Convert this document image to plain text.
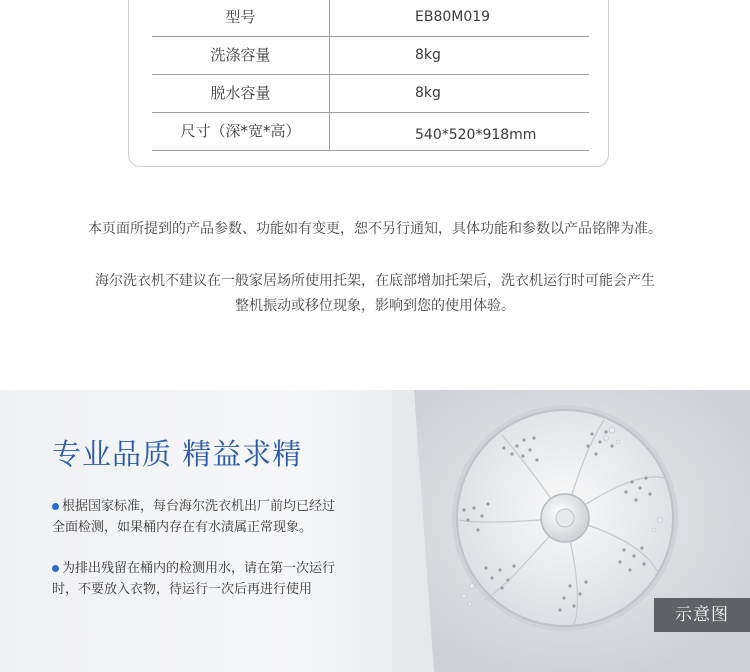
型号	EB80M019
洗涤容量	8kg
脱水容量	8kg
尺寸（深*宽*高）	540*520*918mm
本页面所提到的产品参数、功能如有变更，恕不另行通知，具体功能和参数以产品铭牌为准。
海尔洗衣机不建议在一般家居场所使用托架，在底部增加托架后，洗衣机运行时可能会产生
整机振动或移位现象，影响到您的使用体验。
专业品质 精益求精
根据国家标准，每台海尔洗衣机出厂前均已经过
全面检测，如果桶内存在有水渍属正常现象。
为排出残留在桶内的检测用水，请在第一次运行
时，不要放入衣物，待运行一次后再进行使用
示意图
